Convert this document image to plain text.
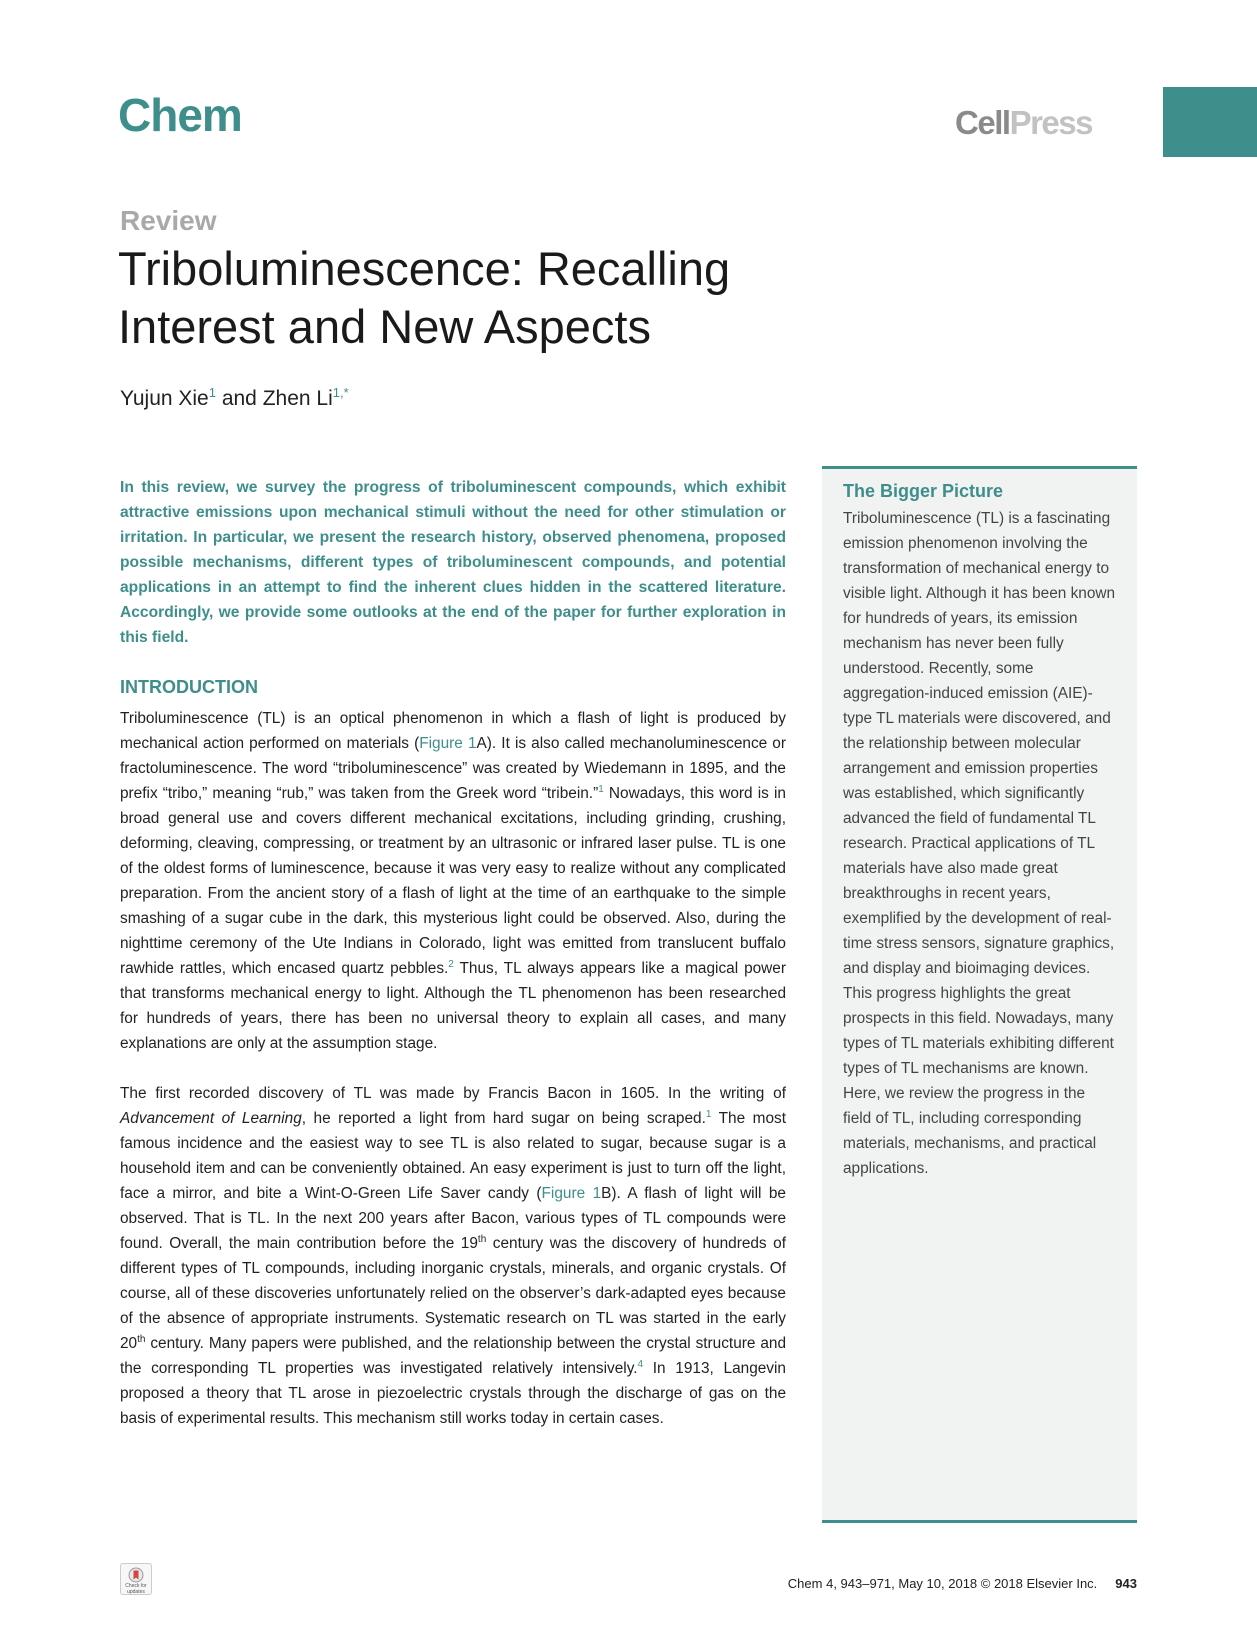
Chem	CellPress
Review
Triboluminescence: Recalling Interest and New Aspects
Yujun Xie$^1$ and Zhen $Li^{1,*}$

In this review, we survey the progress of triboluminescent compounds, which exhibit attractive emissions upon mechanical stimuli without the need for other stimulation or irritation. In particular, we present the research history, observed phenomena, proposed possible mechanisms, different types of triboluminescent compounds, and potential applications in an attempt to find the inherent clues hidden in the scattered literature. Accordingly, we provide some outlooks at the end of the paper for further exploration in this field.

INTRODUCTION

Triboluminescence (TL) is an optical phenomenon in which a flash of light is produced by mechanical action performed on materials (Figure 1A). It is also called mechanoluminescence or fractoluminescence. The word “triboluminescence” was created by Wiedemann in 1895, and the prefix “tribo,” meaning “rub,” was taken from the Greek word “tribein.”$^1$ Nowadays, this word is in broad general use and covers different mechanical excitations, including grinding, crushing, deforming, cleaving, compressing, or treatment by an ultrasonic or infrared laser pulse. TL is one of the oldest forms of luminescence, because it was very easy to realize without any complicated preparation. From the ancient story of a flash of light at the time of an earthquake to the simple smashing of a sugar cube in the dark, this mysterious light could be observed. Also, during the nighttime ceremony of the Ute Indians in Colorado, light was emitted from translucent buffalo rawhide rattles, which encased quartz pebbles.$^2$ Thus, TL always appears like a magical power that transforms mechanical energy to light. Although the TL phenomenon has been researched for hundreds of years, there has been no universal theory to explain all cases, and many explanations are only at the assumption stage.

The first recorded discovery of TL was made by Francis Bacon in 1605. In the writing of Advancement of Learning, he reported a light from hard sugar on being scraped.$^1$ The most famous incidence and the easiest way to see TL is also related to sugar, because sugar is a household item and can be conveniently obtained. An easy experiment is just to turn off the light, face a mirror, and bite a Wint-O-Green Life Saver candy (Figure 1B). A flash of light will be observed. That is TL. In the next 200 years after Bacon, various types of TL compounds were found. Overall, the main contribution before the 19th century was the discovery of hundreds of different types of TL compounds, including inorganic crystals, minerals, and organic crystals. Of course, all of these discoveries unfortunately relied on the observer’s dark-adapted eyes because of the absence of appropriate instruments. Systematic research on TL was started in the early 20th century. Many papers were published, and the relationship between the crystal structure and the corresponding TL properties was investigated relatively intensively.$^4$ In 1913, Langevin proposed a theory that TL arose in piezoelectric crystals through the discharge of gas on the basis of experimental results. This mechanism still works today in certain cases.

The Bigger Picture

Triboluminescence (TL) is a fascinating emission phenomenon involving the transformation of mechanical energy to visible light. Although it has been known for hundreds of years, its emission mechanism has never been fully understood. Recently, some aggregation-induced emission (AIE)-type TL materials were discovered, and the relationship between molecular arrangement and emission properties was established, which significantly advanced the field of fundamental TL research. Practical applications of TL materials have also made great breakthroughs in recent years, exemplified by the development of real-time stress sensors, signature graphics, and display and bioimaging devices. This progress highlights the great prospects in this field. Nowadays, many types of TL materials exhibiting different types of TL mechanisms are known. Here, we review the progress in the field of TL, including corresponding materials, mechanisms, and practical applications.

Check for updates
Chem 4, 943–971, May 10, 2018 © 2018 Elsevier Inc. 943
